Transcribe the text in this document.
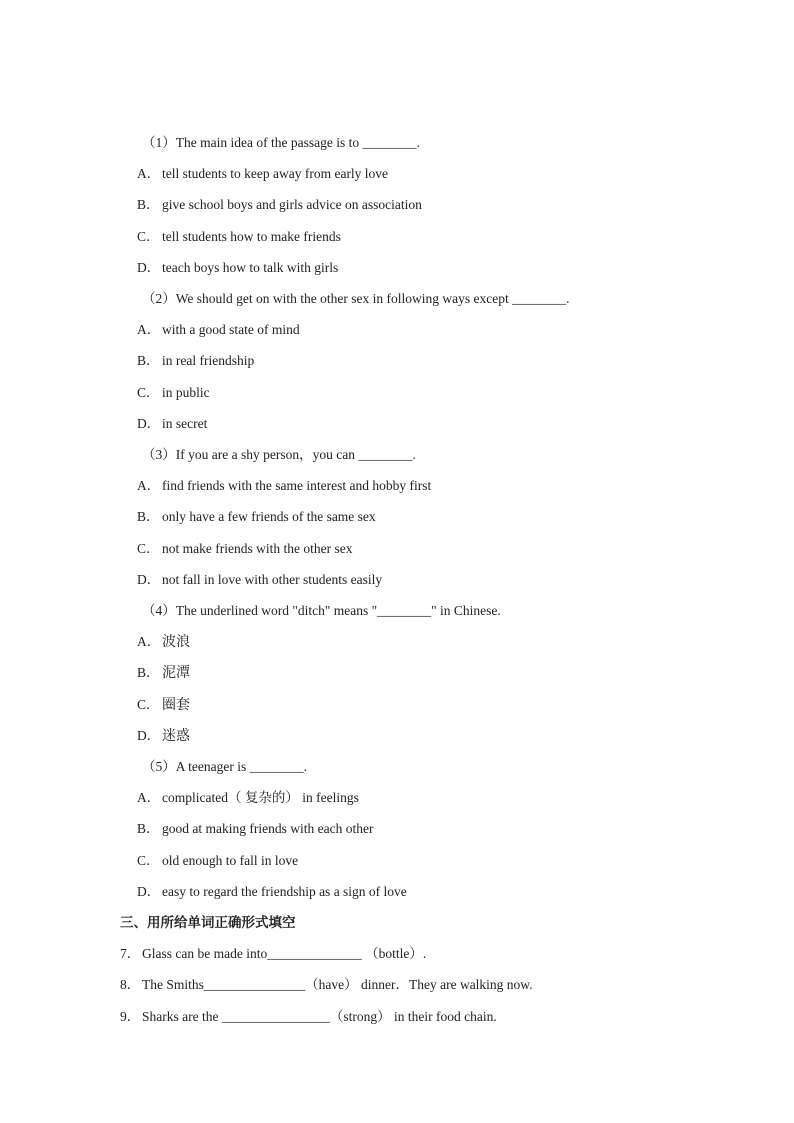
（1）The main idea of the passage is to ________.
A． tell students to keep away from early love
B． give school boys and girls advice on association
C． tell students how to make friends
D． teach boys how to talk with girls
（2）We should get on with the other sex in following ways except ________.
A． with a good state of mind
B． in real friendship
C． in public
D． in secret
（3）If you are a shy person，you can ________.
A． find friends with the same interest and hobby first
B． only have a few friends of the same sex
C． not make friends with the other sex
D． not fall in love with other students easily
（4）The underlined word "ditch" means "________" in Chinese.
A． 波浪
B． 泥潭
C． 圈套
D． 迷惑
（5）A teenager is ________.
A． complicated（ 复杂的） in feelings
B． good at making friends with each other
C． old enough to fall in love
D． easy to regard the friendship as a sign of love
三、用所给单词正确形式填空
7． Glass can be made into______________ （bottle）.
8． The Smiths_______________（have） dinner．They are walking now.
9． Sharks are the ________________（strong） in their food chain.
